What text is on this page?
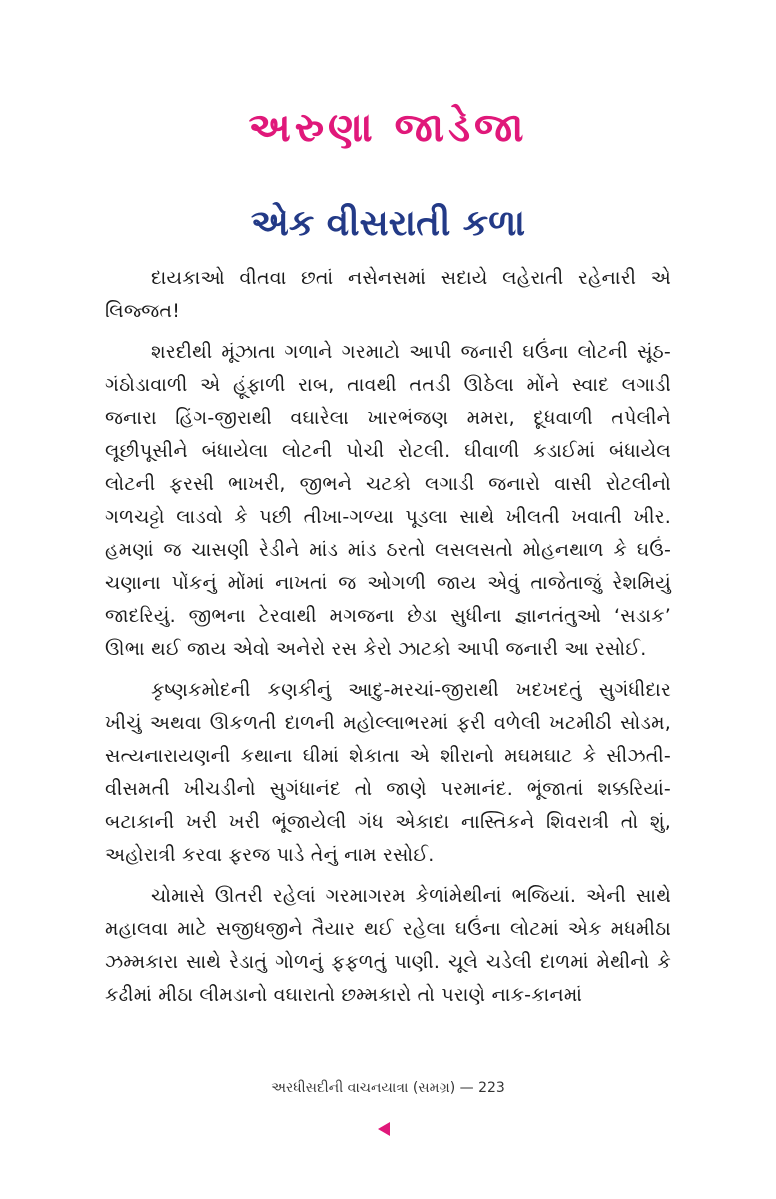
અરુણા જાડેજા
એક વીસરાતી કળા

દાયકાઓ વીતવા છતાં નસેનસમાં સદાયે લહેરાતી રહેનારી એ લિજ્જત!

શરદીથી મૂંઝાતા ગળાને ગરમાટો આપી જનારી ઘઉંના લોટની સૂંઠ-ગંઠોડાવાળી એ હૂંફાળી રાબ, તાવથી તતડી ઊઠેલા મોંને સ્વાદ લગાડી જનારા હિંગ-જીરાથી વઘારેલા ખારભંજણ મમરા, દૂધવાળી તપેલીને લૂછીપૂસીને બંધાયેલા લોટની પોચી રોટલી. ઘીવાળી કડાઈમાં બંધાયેલ લોટની ફરસી ભાખરી, જીભને ચટકો લગાડી જનારો વાસી રોટલીનો ગળચટ્ટો લાડવો કે પછી તીખા-ગળ્યા પૂડલા સાથે ખીલતી ખવાતી ખીર. હમણાં જ ચાસણી રેડીને માંડ માંડ ઠરતો લસલસતો મોહનથાળ કે ઘઉં-ચણાના પોંકનું મોંમાં નાખતાં જ ઓગળી જાય એવું તાજેતાજું રેશમિયું જાદરિયું. જીભના ટેરવાથી મગજના છેડા સુધીના જ્ઞાનતંતુઓ ‘સડાક’ ઊભા થઈ જાય એવો અનેરો રસ કેરો ઝાટકો આપી જનારી આ રસોઈ.

કૃષ્ણકમોદની કણકીનું આદુ-મરચાં-જીરાથી ખદખદતું સુગંધીદાર ખીચું અથવા ઊકળતી દાળની મહોલ્લાભરમાં ફરી વળેલી ખટમીઠી સોડમ, સત્યનારાયણની કથાના ઘીમાં શેકાતા એ શીરાનો મઘમઘાટ કે સીઝતી-વીસમતી ખીચડીનો સુગંધાનંદ તો જાણે પરમાનંદ. ભૂંજાતાં શક્કરિયાં-બટાકાની ખરી ખરી ભૂંજાયેલી ગંધ એકાદા નાસ્તિકને શિવરાત્રી તો શું, અહોરાત્રી કરવા ફરજ પાડે તેનું નામ રસોઈ.

ચોમાસે ઊતરી રહેલાં ગરમાગરમ કેળાંમેથીનાં ભજિયાં. એની સાથે મહાલવા માટે સજીધજીને તૈયાર થઈ રહેલા ઘઉંના લોટમાં એક મધમીઠા ઝમ્મકારા સાથે રેડાતું ગોળનું ફફળતું પાણી. ચૂલે ચડેલી દાળમાં મેથીનો કે કઢીમાં મીઠા લીમડાનો વઘારાતો છમ્મકારો તો પરાણે નાક-કાનમાં

અરધીસદીની વાચનયાત્રા (સમગ્ર) — 223
